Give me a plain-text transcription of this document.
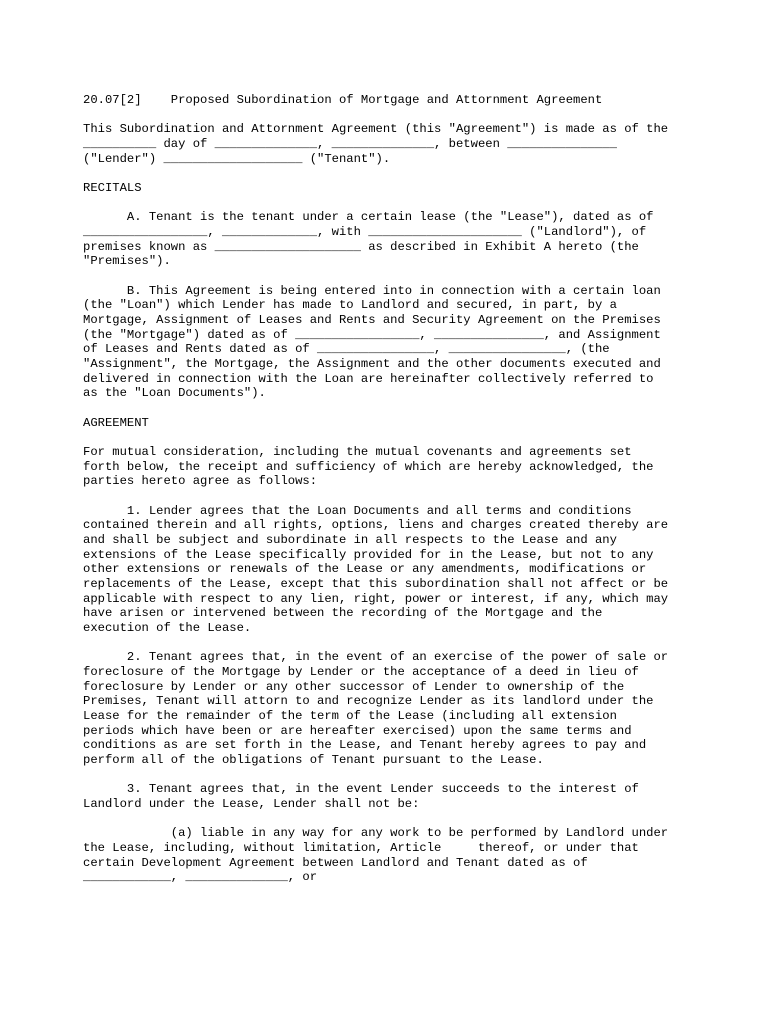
20.07[2]    Proposed Subordination of Mortgage and Attornment Agreement
This Subordination and Attornment Agreement (this "Agreement") is made as of the
__________ day of ______________, ______________, between _______________
("Lender") ___________________ ("Tenant").
RECITALS
A. Tenant is the tenant under a certain lease (the "Lease"), dated as of
_________________, _____________, with _____________________ ("Landlord"), of
premises known as ____________________ as described in Exhibit A hereto (the
"Premises").
B. This Agreement is being entered into in connection with a certain loan
(the "Loan") which Lender has made to Landlord and secured, in part, by a
Mortgage, Assignment of Leases and Rents and Security Agreement on the Premises
(the "Mortgage") dated as of _________________, _______________, and Assignment
of Leases and Rents dated as of ________________, ________________, (the
"Assignment", the Mortgage, the Assignment and the other documents executed and
delivered in connection with the Loan are hereinafter collectively referred to
as the "Loan Documents").
AGREEMENT
For mutual consideration, including the mutual covenants and agreements set
forth below, the receipt and sufficiency of which are hereby acknowledged, the
parties hereto agree as follows:
1. Lender agrees that the Loan Documents and all terms and conditions
contained therein and all rights, options, liens and charges created thereby are
and shall be subject and subordinate in all respects to the Lease and any
extensions of the Lease specifically provided for in the Lease, but not to any
other extensions or renewals of the Lease or any amendments, modifications or
replacements of the Lease, except that this subordination shall not affect or be
applicable with respect to any lien, right, power or interest, if any, which may
have arisen or intervened between the recording of the Mortgage and the
execution of the Lease.
2. Tenant agrees that, in the event of an exercise of the power of sale or
foreclosure of the Mortgage by Lender or the acceptance of a deed in lieu of
foreclosure by Lender or any other successor of Lender to ownership of the
Premises, Tenant will attorn to and recognize Lender as its landlord under the
Lease for the remainder of the term of the Lease (including all extension
periods which have been or are hereafter exercised) upon the same terms and
conditions as are set forth in the Lease, and Tenant hereby agrees to pay and
perform all of the obligations of Tenant pursuant to the Lease.
3. Tenant agrees that, in the event Lender succeeds to the interest of
Landlord under the Lease, Lender shall not be:
(a) liable in any way for any work to be performed by Landlord under
the Lease, including, without limitation, Article     thereof, or under that
certain Development Agreement between Landlord and Tenant dated as of
____________, ______________, or
